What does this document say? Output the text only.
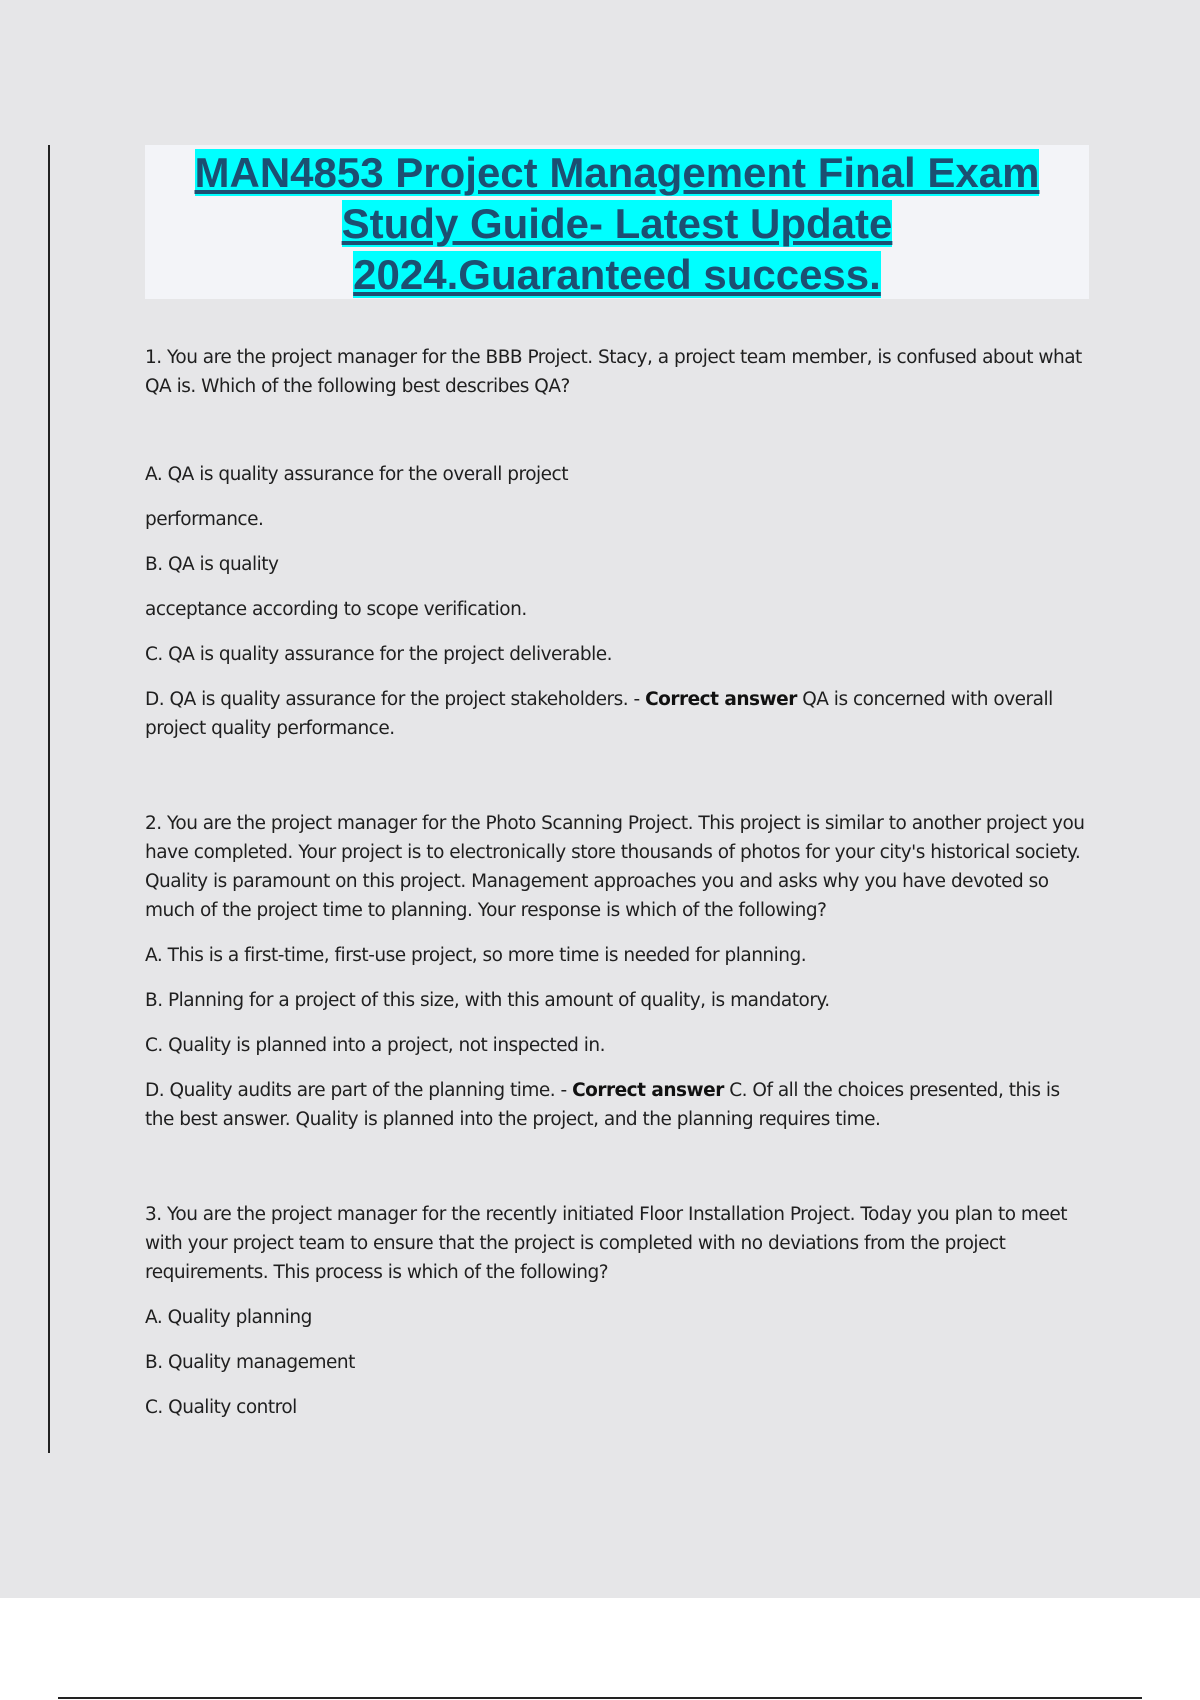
MAN4853 Project Management Final Exam
Study Guide- Latest Update
2024.Guaranteed success.

1. You are the project manager for the BBB Project. Stacy, a project team member, is confused about what QA is. Which of the following best describes QA?

A. QA is quality assurance for the overall project

performance.

B. QA is quality

acceptance according to scope verification.

C. QA is quality assurance for the project deliverable.

D. QA is quality assurance for the project stakeholders. - Correct answer QA is concerned with overall project quality performance.

2. You are the project manager for the Photo Scanning Project. This project is similar to another project you have completed. Your project is to electronically store thousands of photos for your city's historical society. Quality is paramount on this project. Management approaches you and asks why you have devoted so much of the project time to planning. Your response is which of the following?

A. This is a first-time, first-use project, so more time is needed for planning.

B. Planning for a project of this size, with this amount of quality, is mandatory.

C. Quality is planned into a project, not inspected in.

D. Quality audits are part of the planning time. - Correct answer C. Of all the choices presented, this is the best answer. Quality is planned into the project, and the planning requires time.

3. You are the project manager for the recently initiated Floor Installation Project. Today you plan to meet with your project team to ensure that the project is completed with no deviations from the project requirements. This process is which of the following?

A. Quality planning

B. Quality management

C. Quality control
